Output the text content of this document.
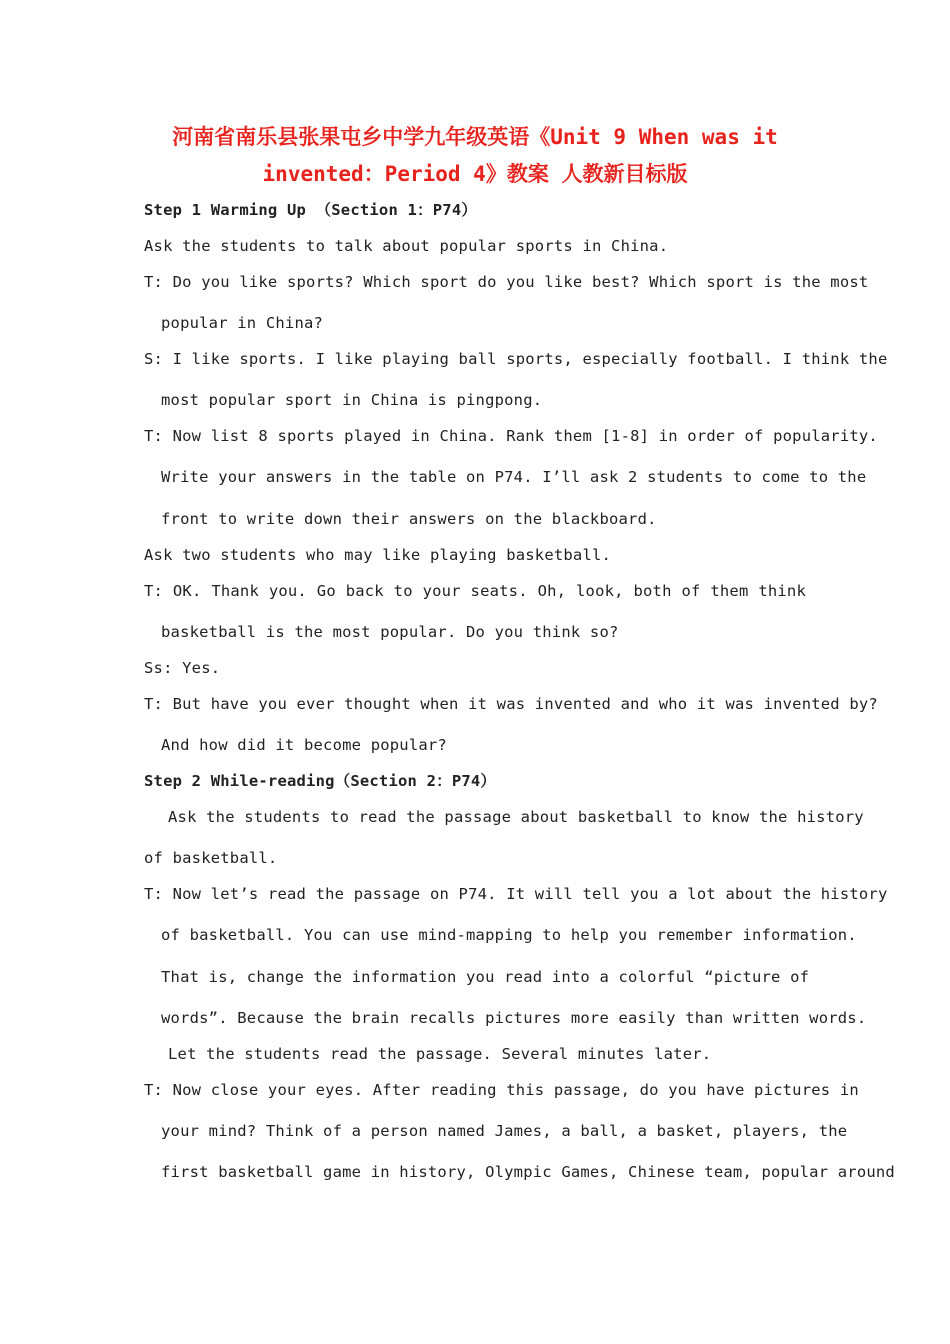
河南省南乐县张果屯乡中学九年级英语《Unit 9 When was it
invented：Period 4》教案 人教新目标版
Step 1 Warming Up （Section 1：P74）
Ask the students to talk about popular sports in China.
T: Do you like sports? Which sport do you like best? Which sport is the most
popular in China?
S: I like sports. I like playing ball sports, especially football. I think the
most popular sport in China is pingpong.
T: Now list 8 sports played in China. Rank them [1-8] in order of popularity.
Write your answers in the table on P74. I’ll ask 2 students to come to the
front to write down their answers on the blackboard.
Ask two students who may like playing basketball.
T: OK. Thank you. Go back to your seats. Oh, look, both of them think
basketball is the most popular. Do you think so?
Ss: Yes.
T: But have you ever thought when it was invented and who it was invented by?
And how did it become popular?
Step 2 While-reading（Section 2：P74）
Ask the students to read the passage about basketball to know the history
of basketball.
T: Now let’s read the passage on P74. It will tell you a lot about the history
of basketball. You can use mind-mapping to help you remember information.
That is, change the information you read into a colorful “picture of
words”. Because the brain recalls pictures more easily than written words.
Let the students read the passage. Several minutes later.
T: Now close your eyes. After reading this passage, do you have pictures in
your mind? Think of a person named James, a ball, a basket, players, the
first basketball game in history, Olympic Games, Chinese team, popular around
